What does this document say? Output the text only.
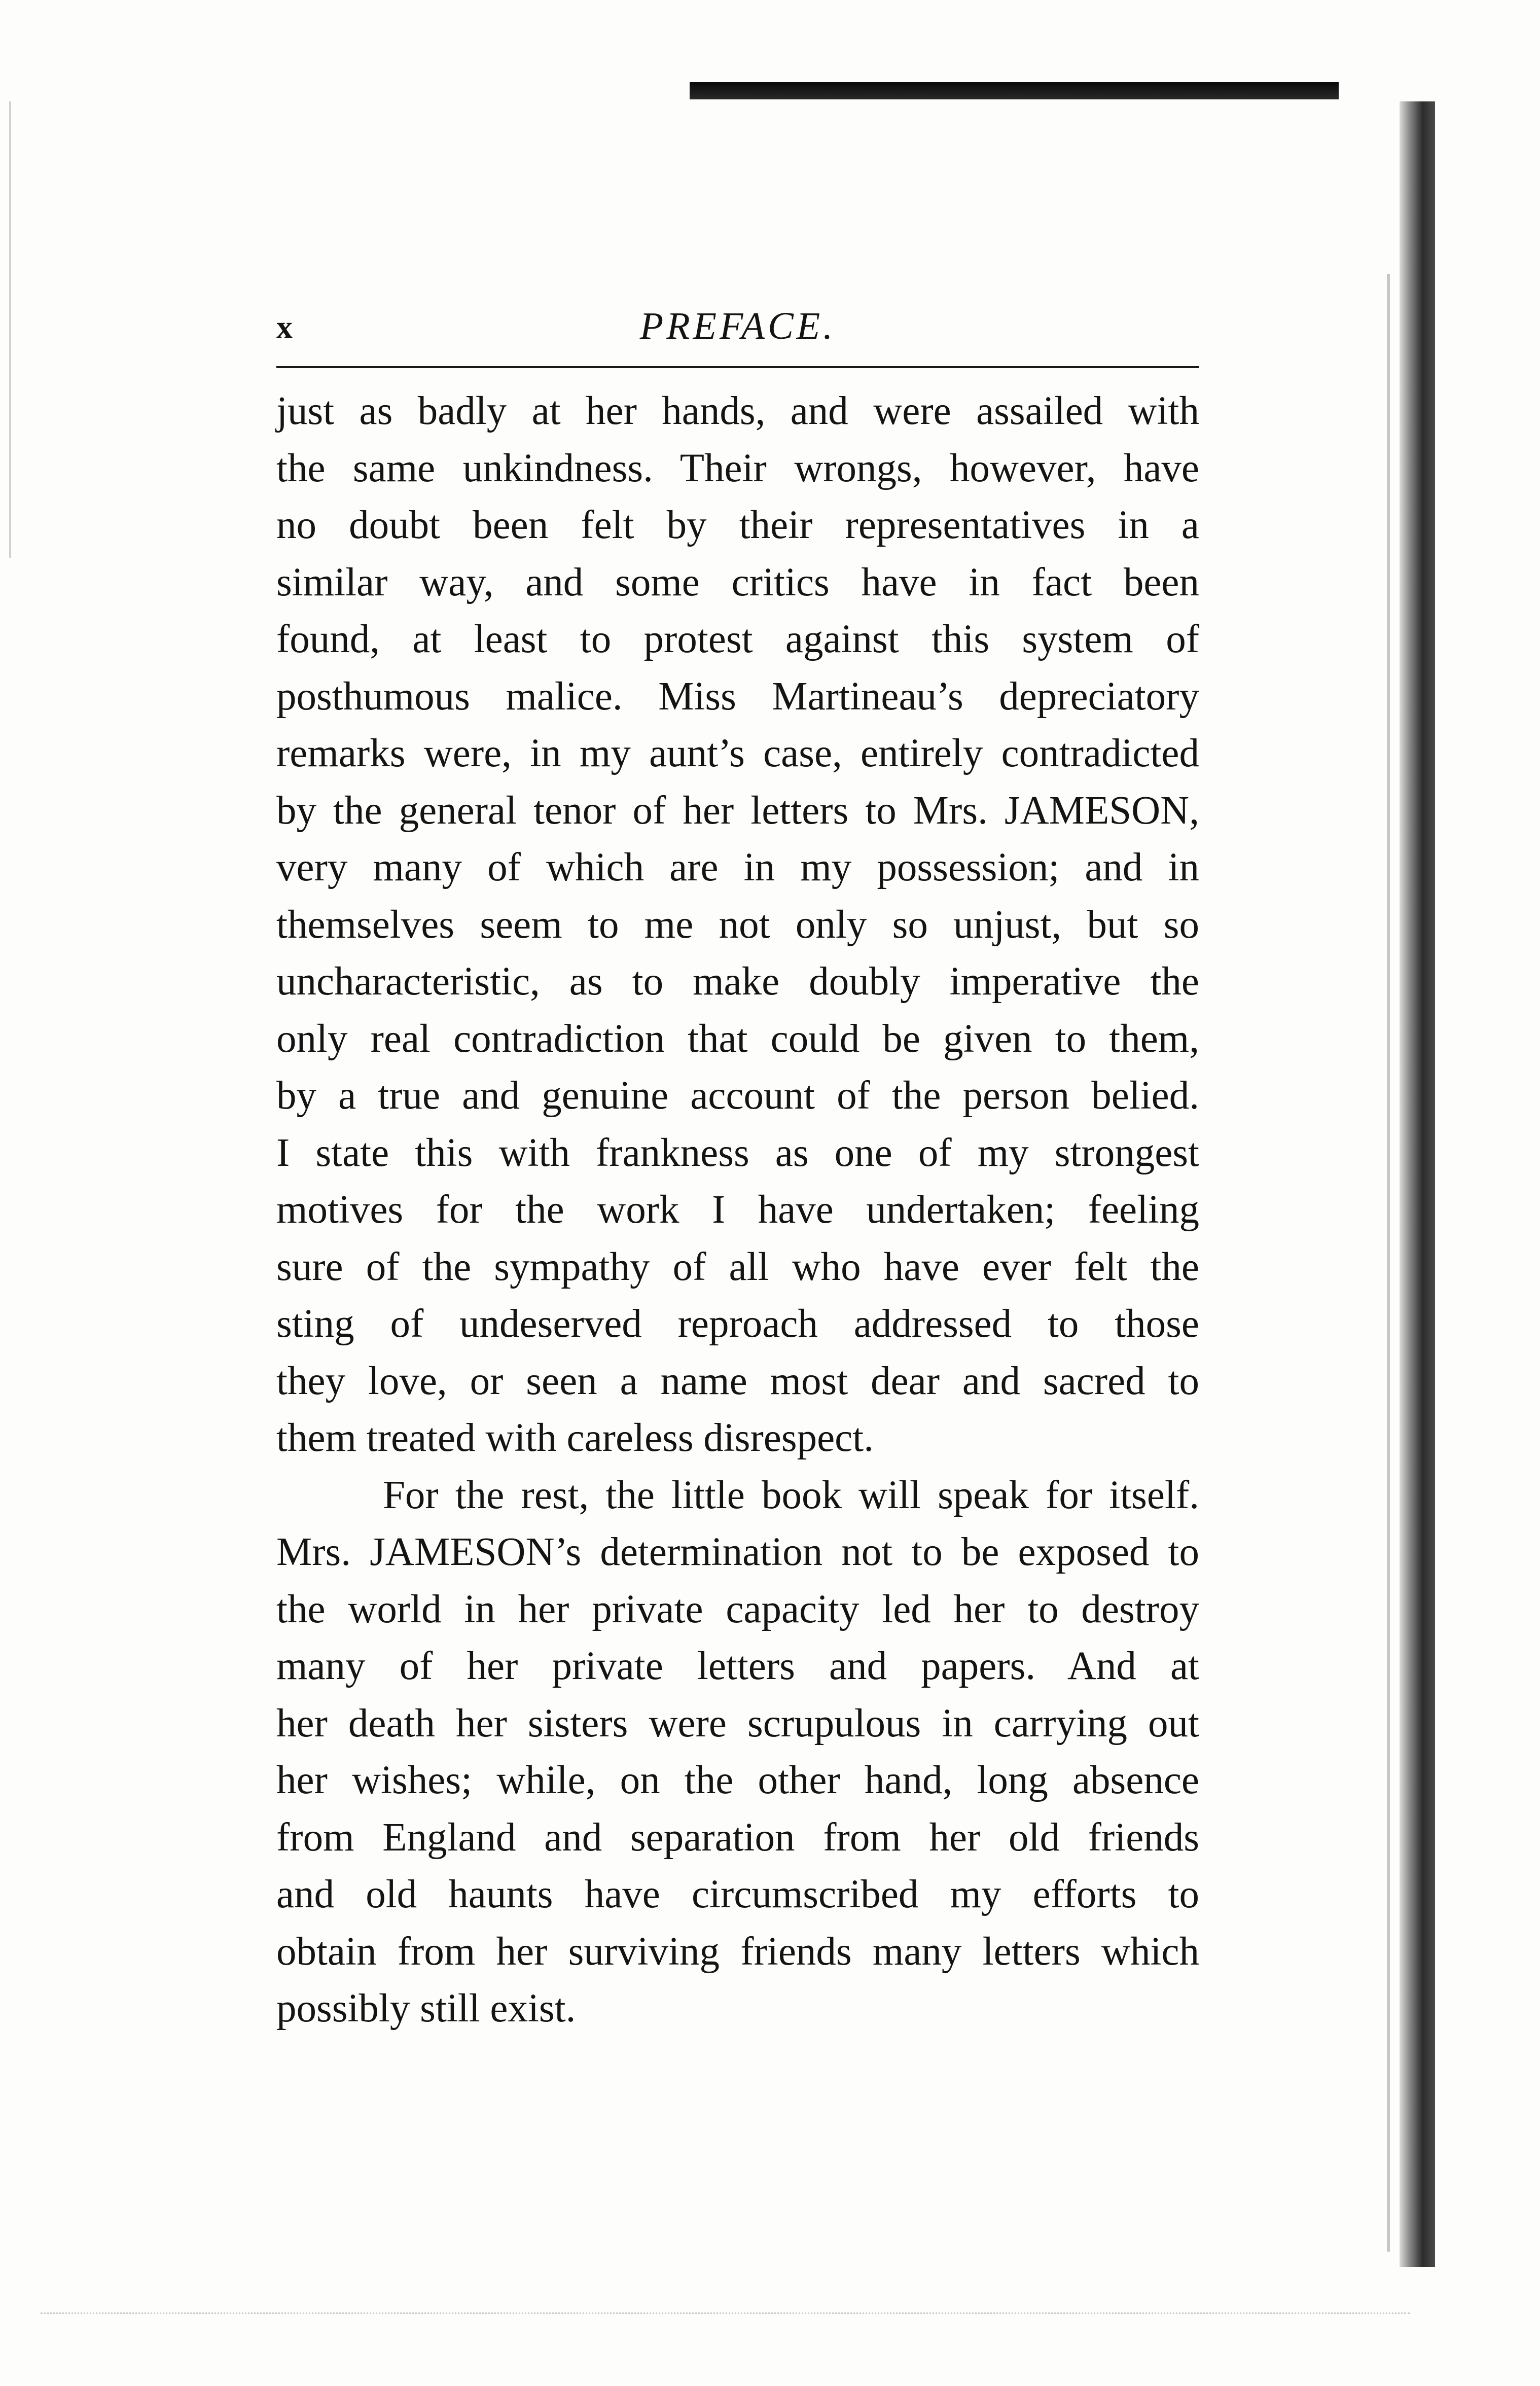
x	PREFACE.
just as badly at her hands, and were assailed with
the same unkindness. Their wrongs, however, have
no doubt been felt by their representatives in a
similar way, and some critics have in fact been
found, at least to protest against this system of
posthumous malice. Miss Martineau’s depreciatory
remarks were, in my aunt’s case, entirely contradicted
by the general tenor of her letters to Mrs. JAMESON,
very many of which are in my possession; and in
themselves seem to me not only so unjust, but so
uncharacteristic, as to make doubly imperative the
only real contradiction that could be given to them,
by a true and genuine account of the person belied.
I state this with frankness as one of my strongest
motives for the work I have undertaken; feeling
sure of the sympathy of all who have ever felt the
sting of undeserved reproach addressed to those
they love, or seen a name most dear and sacred to
them treated with careless disrespect.
For the rest, the little book will speak for itself.
Mrs. JAMESON’s determination not to be exposed to
the world in her private capacity led her to destroy
many of her private letters and papers. And at
her death her sisters were scrupulous in carrying out
her wishes; while, on the other hand, long absence
from England and separation from her old friends
and old haunts have circumscribed my efforts to
obtain from her surviving friends many letters which
possibly still exist.
